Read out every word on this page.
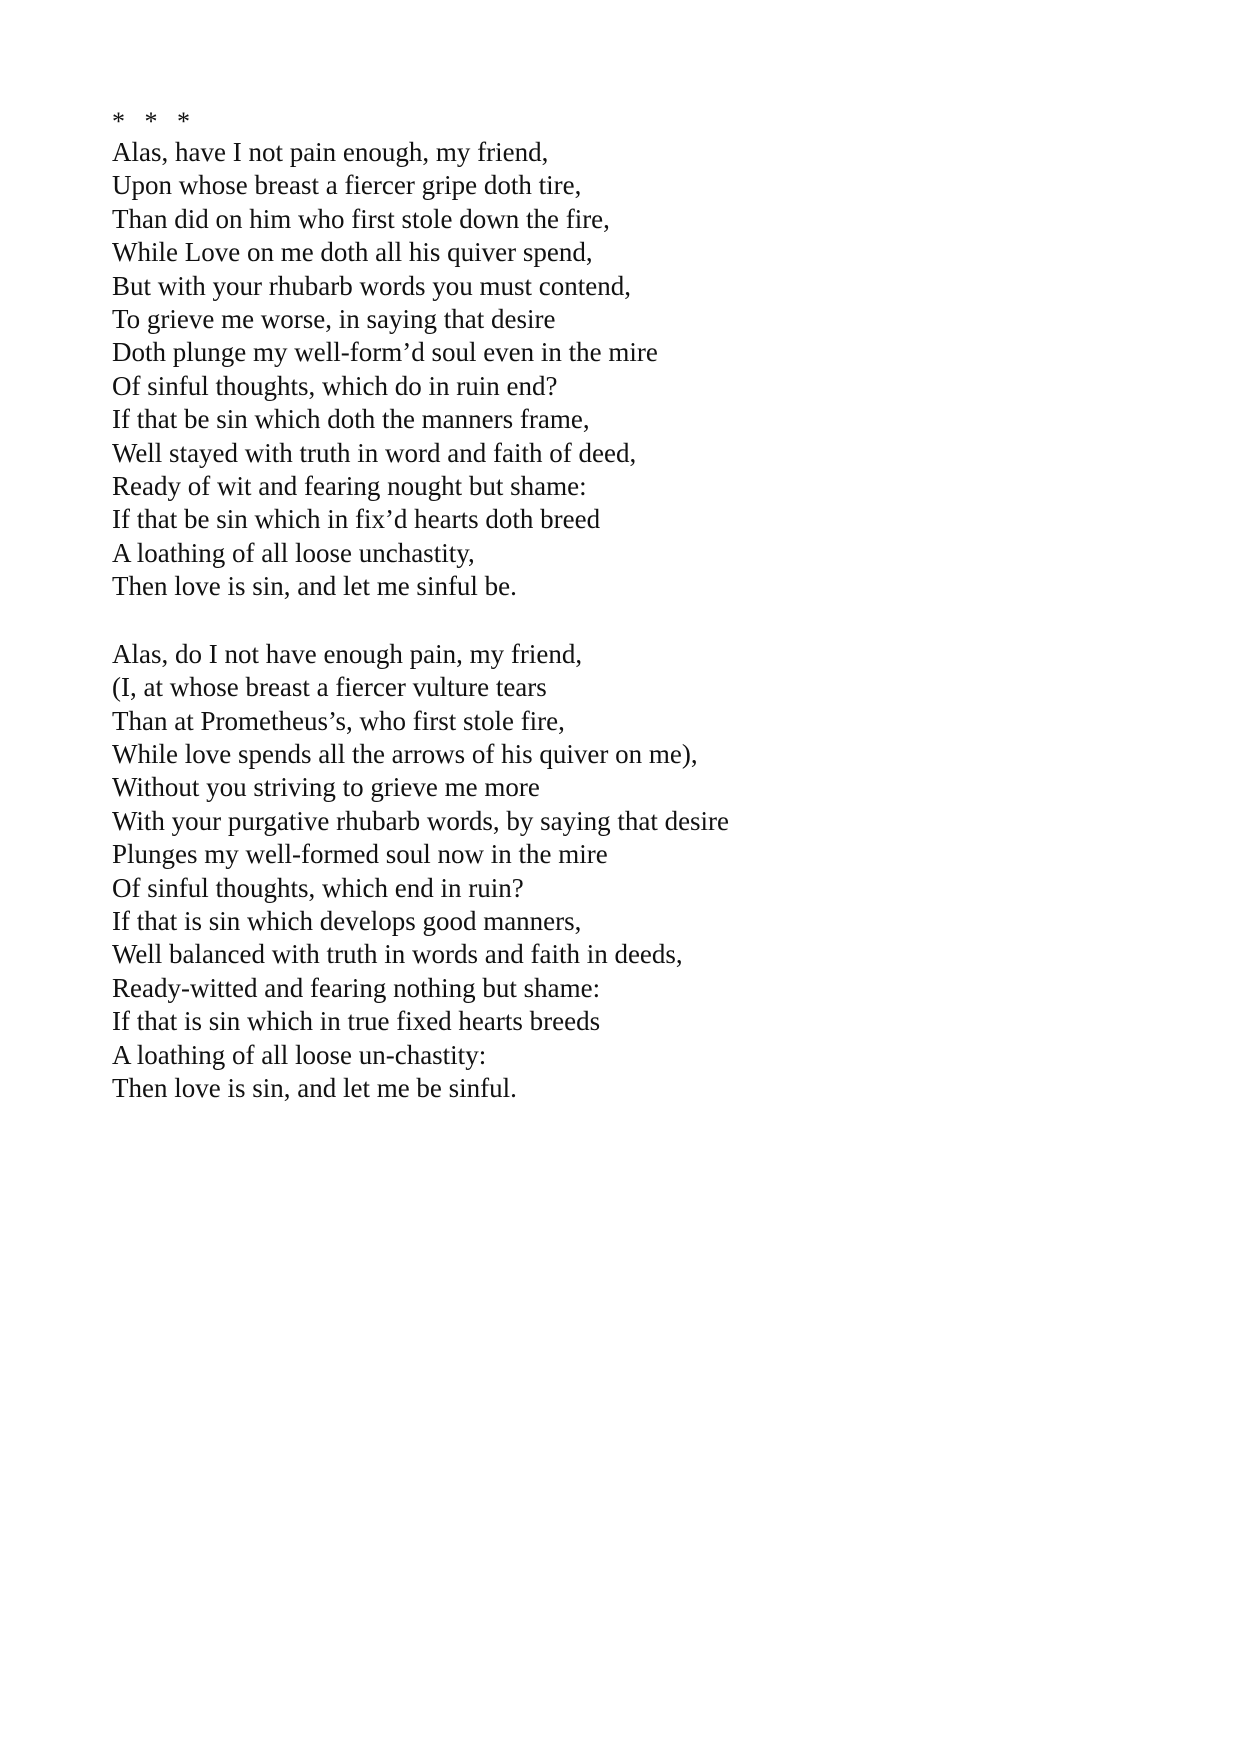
*   *   *

Alas, have I not pain enough, my friend,
Upon whose breast a fiercer gripe doth tire,
Than did on him who first stole down the fire,
While Love on me doth all his quiver spend,
But with your rhubarb words you must contend,
To grieve me worse, in saying that desire
Doth plunge my well-form’d soul even in the mire
Of sinful thoughts, which do in ruin end?
If that be sin which doth the manners frame,
Well stayed with truth in word and faith of deed,
Ready of wit and fearing nought but shame:
If that be sin which in fix’d hearts doth breed
A loathing of all loose unchastity,
Then love is sin, and let me sinful be.
Alas, do I not have enough pain, my friend,
(I, at whose breast a fiercer vulture tears
Than at Prometheus’s, who first stole fire,
While love spends all the arrows of his quiver on me),
Without you striving to grieve me more
With your purgative rhubarb words, by saying that desire
Plunges my well-formed soul now in the mire
Of sinful thoughts, which end in ruin?
If that is sin which develops good manners,
Well balanced with truth in words and faith in deeds,
Ready-witted and fearing nothing but shame:
If that is sin which in true fixed hearts breeds
A loathing of all loose un-chastity:
Then love is sin, and let me be sinful.
